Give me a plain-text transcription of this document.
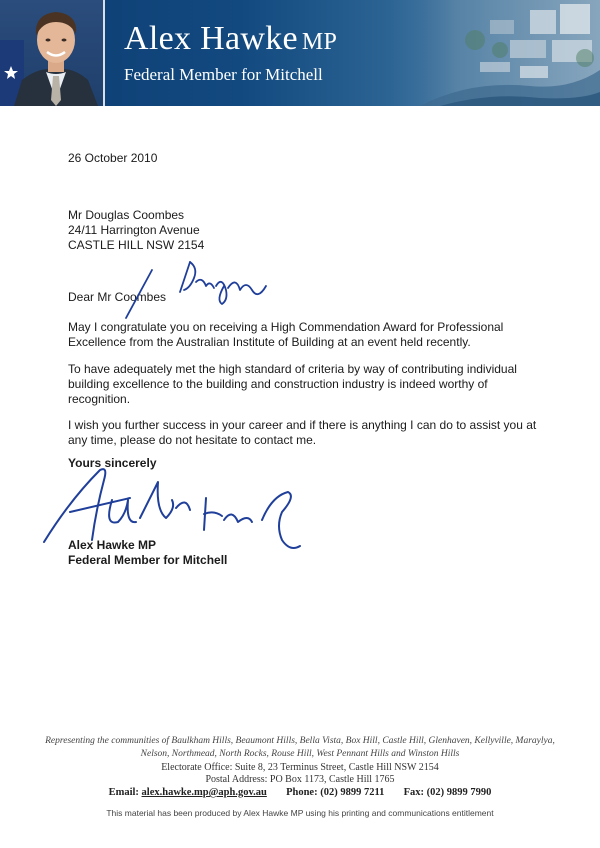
Alex Hawke MP
Federal Member for Mitchell
26 October 2010
Mr Douglas Coombes
24/11 Harrington Avenue
CASTLE HILL NSW 2154
Dear Mr Coombes
May I congratulate you on receiving a High Commendation Award for Professional Excellence from the Australian Institute of Building at an event held recently.
To have adequately met the high standard of criteria by way of contributing individual building excellence to the building and construction industry is indeed worthy of recognition.
I wish you further success in your career and if there is anything I can do to assist you at any time, please do not hesitate to contact me.
Yours sincerely
Alex Hawke MP
Federal Member for Mitchell
Representing the communities of Baulkham Hills, Beaumont Hills, Bella Vista, Box Hill, Castle Hill, Glenhaven, Kellyville, Maraylya, Nelson, Northmead, North Rocks, Rouse Hill, West Pennant Hills and Winston Hills
Electorate Office: Suite 8, 23 Terminus Street, Castle Hill NSW 2154
Postal Address: PO Box 1173, Castle Hill 1765
Email: alex.hawke.mp@aph.gov.au Phone: (02) 9899 7211 Fax: (02) 9899 7990
This material has been produced by Alex Hawke MP using his printing and communications entitlement
